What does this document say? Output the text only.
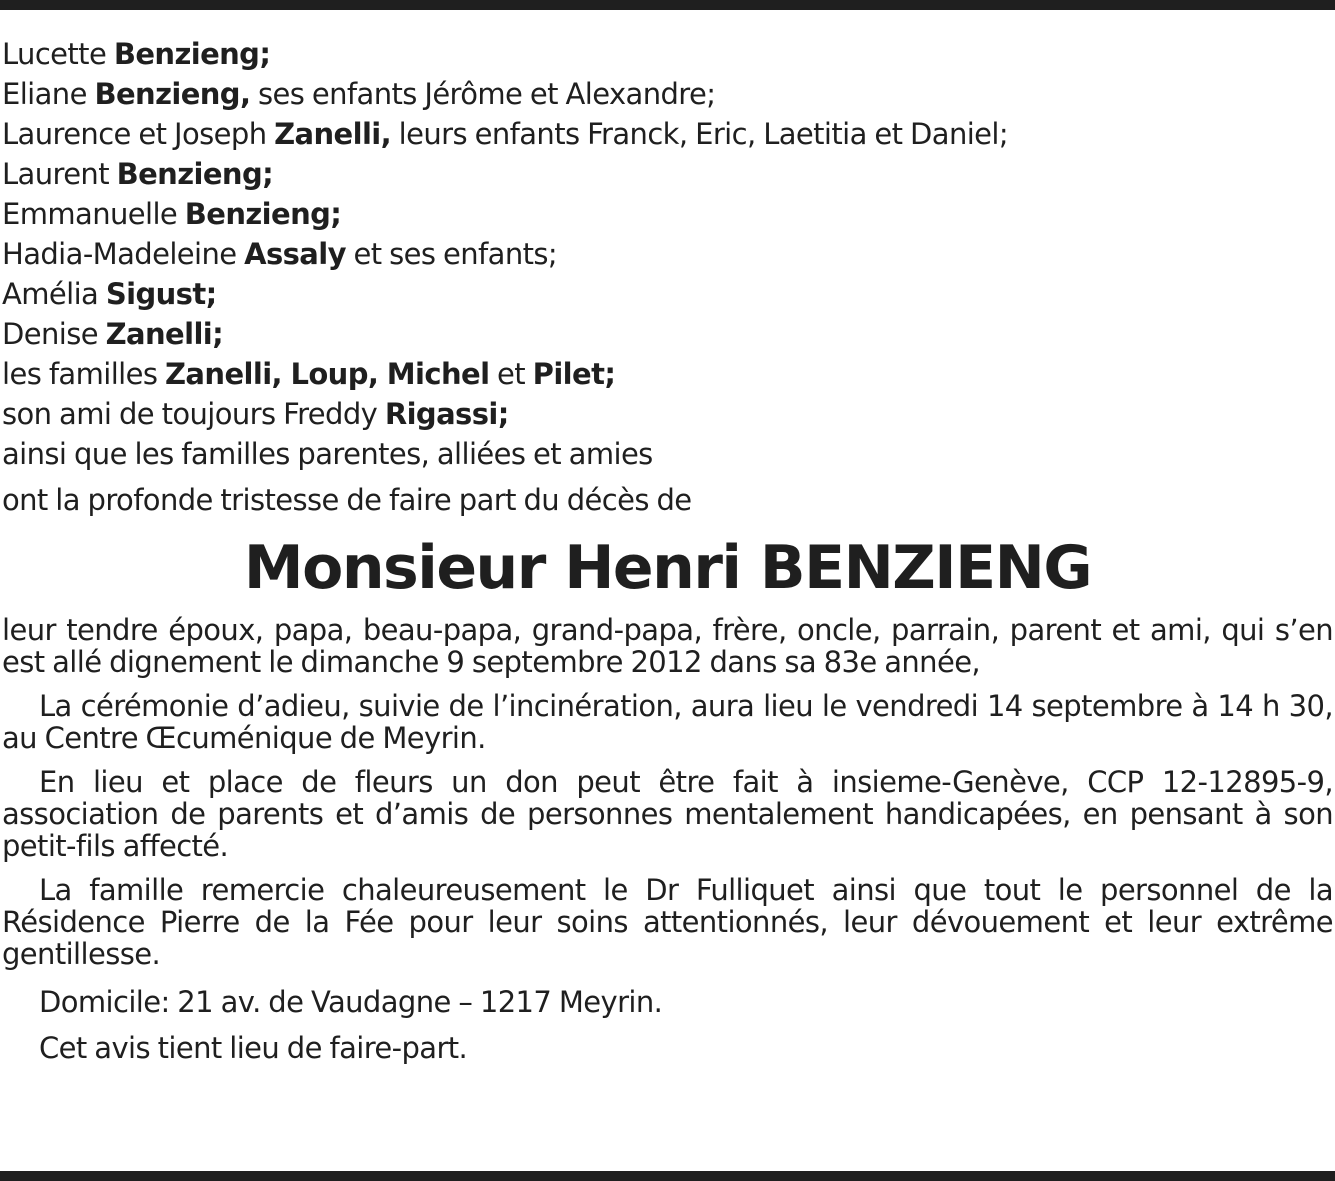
Lucette Benzieng;
Eliane Benzieng, ses enfants Jérôme et Alexandre;
Laurence et Joseph Zanelli, leurs enfants Franck, Eric, Laetitia et Daniel;
Laurent Benzieng;
Emmanuelle Benzieng;
Hadia-Madeleine Assaly et ses enfants;
Amélia Sigust;
Denise Zanelli;
les familles Zanelli, Loup, Michel et Pilet;
son ami de toujours Freddy Rigassi;
ainsi que les familles parentes, alliées et amies
ont la profonde tristesse de faire part du décès de
Monsieur Henri BENZIENG

leur tendre époux, papa, beau-papa, grand-papa, frère, oncle, parrain, parent et ami, qui s’en est allé dignement le dimanche 9 septembre 2012 dans sa 83e année,

La cérémonie d’adieu, suivie de l’incinération, aura lieu le vendredi 14 septembre à 14 h 30, au Centre Œcuménique de Meyrin.

En lieu et place de fleurs un don peut être fait à insieme-Genève, CCP 12-12895-9, association de parents et d’amis de personnes mentalement handicapées, en pensant à son petit-fils affecté.

La famille remercie chaleureusement le Dr Fulliquet ainsi que tout le personnel de la Résidence Pierre de la Fée pour leur soins attentionnés, leur dévouement et leur extrême gentillesse.

Domicile: 21 av. de Vaudagne – 1217 Meyrin.

Cet avis tient lieu de faire-part.
